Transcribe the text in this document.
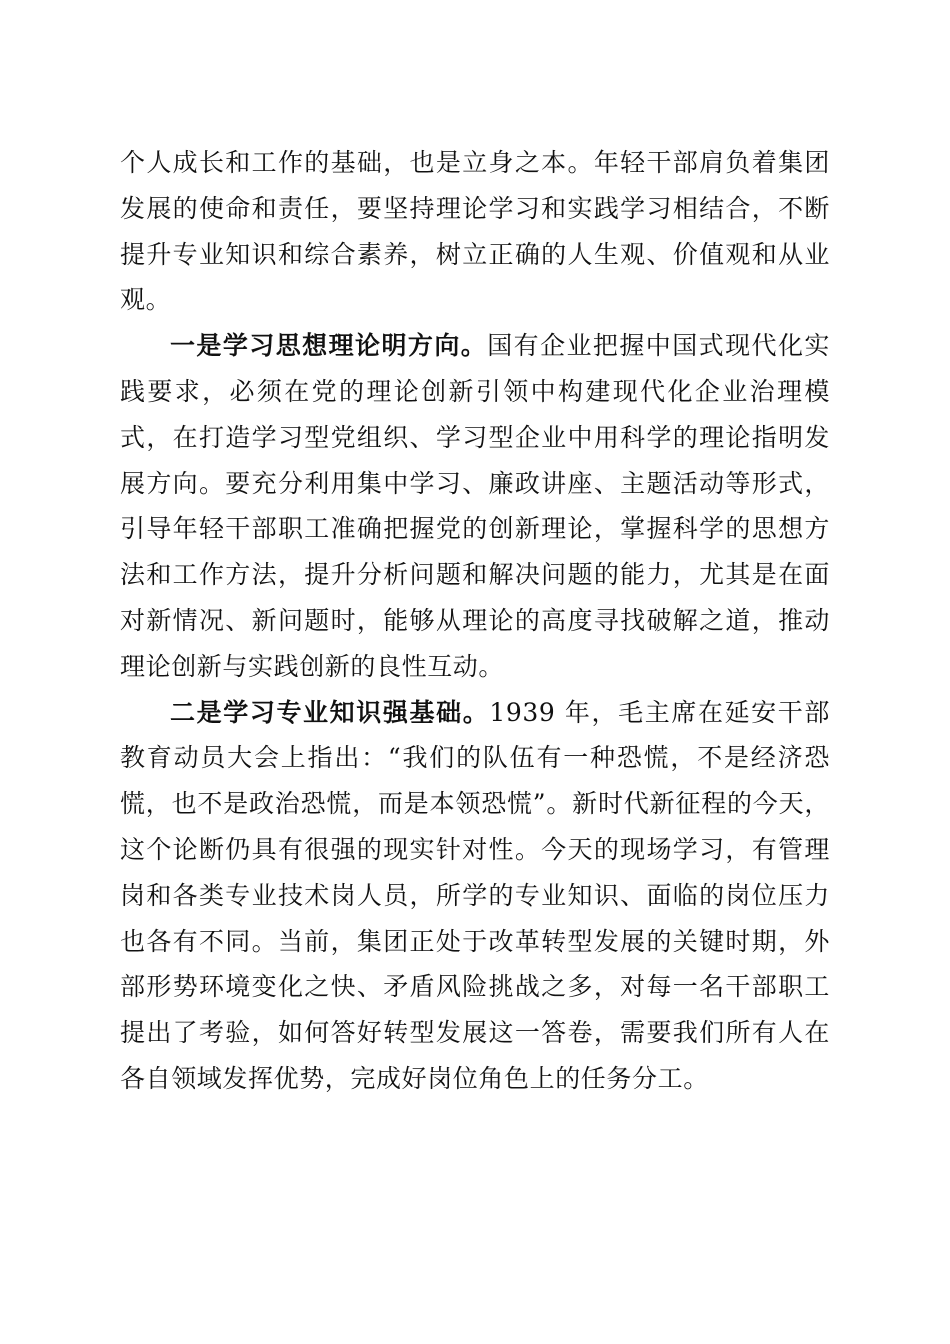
个人成长和工作的基础，也是立身之本。年轻干部肩负着集团发展的使命和责任，要坚持理论学习和实践学习相结合，不断提升专业知识和综合素养，树立正确的人生观、价值观和从业观。

一是学习思想理论明方向。国有企业把握中国式现代化实践要求，必须在党的理论创新引领中构建现代化企业治理模式，在打造学习型党组织、学习型企业中用科学的理论指明发展方向。要充分利用集中学习、廉政讲座、主题活动等形式，引导年轻干部职工准确把握党的创新理论，掌握科学的思想方法和工作方法，提升分析问题和解决问题的能力，尤其是在面对新情况、新问题时，能够从理论的高度寻找破解之道，推动理论创新与实践创新的良性互动。

二是学习专业知识强基础。1939 年，毛主席在延安干部教育动员大会上指出：“我们的队伍有一种恐慌，不是经济恐慌，也不是政治恐慌，而是本领恐慌”。新时代新征程的今天，这个论断仍具有很强的现实针对性。今天的现场学习，有管理岗和各类专业技术岗人员，所学的专业知识、面临的岗位压力也各有不同。当前，集团正处于改革转型发展的关键时期，外部形势环境变化之快、矛盾风险挑战之多，对每一名干部职工提出了考验，如何答好转型发展这一答卷，需要我们所有人在各自领域发挥优势，完成好岗位角色上的任务分工。
